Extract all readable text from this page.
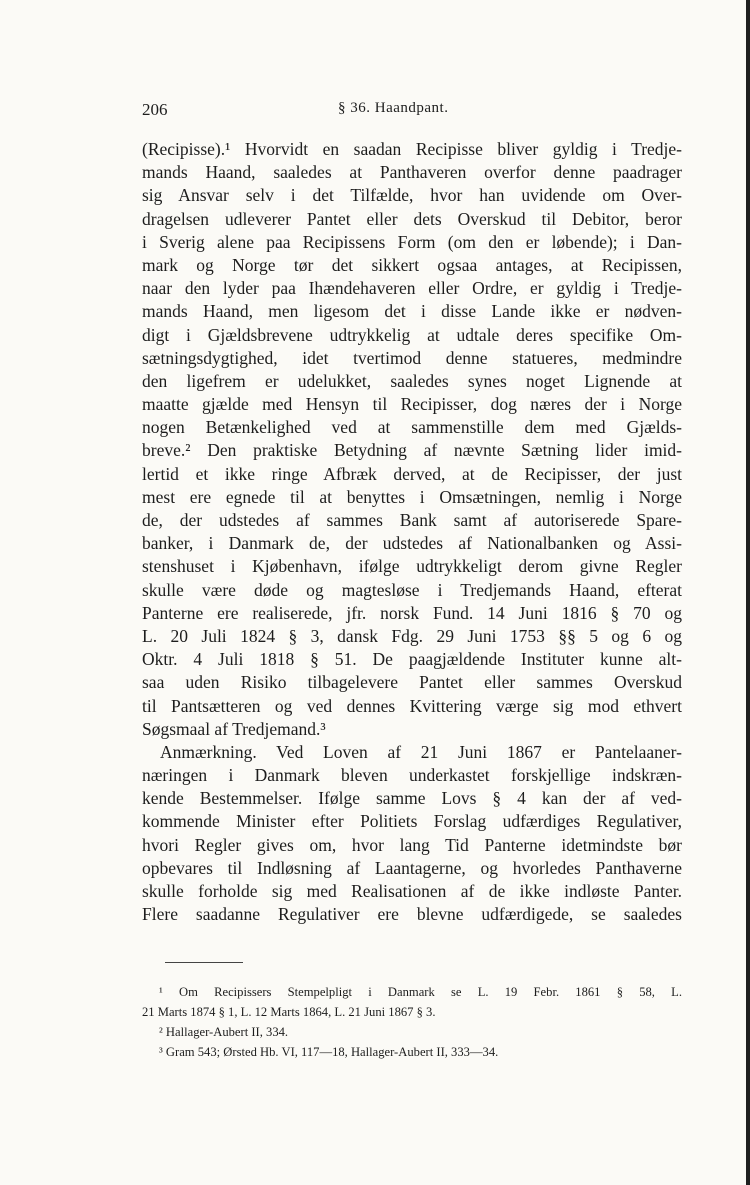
206	§ 36. Haandpant.
(Recipisse).¹ Hvorvidt en saadan Recipisse bliver gyldig i Tredje-
mands Haand, saaledes at Panthaveren overfor denne paadrager
sig Ansvar selv i det Tilfælde, hvor han uvidende om Over-
dragelsen udleverer Pantet eller dets Overskud til Debitor, beror
i Sverig alene paa Recipissens Form (om den er løbende); i Dan-
mark og Norge tør det sikkert ogsaa antages, at Recipissen,
naar den lyder paa Ihændehaveren eller Ordre, er gyldig i Tredje-
mands Haand, men ligesom det i disse Lande ikke er nødven-
digt i Gjældsbrevene udtrykkelig at udtale deres specifike Om-
sætningsdygtighed, idet tvertimod denne statueres, medmindre
den ligefrem er udelukket, saaledes synes noget Lignende at
maatte gjælde med Hensyn til Recipisser, dog næres der i Norge
nogen Betænkelighed ved at sammenstille dem med Gjælds-
breve.² Den praktiske Betydning af nævnte Sætning lider imid-
lertid et ikke ringe Afbræk derved, at de Recipisser, der just
mest ere egnede til at benyttes i Omsætningen, nemlig i Norge
de, der udstedes af sammes Bank samt af autoriserede Spare-
banker, i Danmark de, der udstedes af Nationalbanken og Assi-
stenshuset i Kjøbenhavn, ifølge udtrykkeligt derom givne Regler
skulle være døde og magtesløse i Tredjemands Haand, efterat
Panterne ere realiserede, jfr. norsk Fund. 14 Juni 1816 § 70 og
L. 20 Juli 1824 § 3, dansk Fdg. 29 Juni 1753 §§ 5 og 6 og
Oktr. 4 Juli 1818 § 51. De paagjældende Instituter kunne alt-
saa uden Risiko tilbagelevere Pantet eller sammes Overskud
til Pantsætteren og ved dennes Kvittering værge sig mod ethvert
Søgsmaal af Tredjemand.³
Anmærkning. Ved Loven af 21 Juni 1867 er Pantelaaner-
næringen i Danmark bleven underkastet forskjellige indskræn-
kende Bestemmelser. Ifølge samme Lovs § 4 kan der af ved-
kommende Minister efter Politiets Forslag udfærdiges Regulativer,
hvori Regler gives om, hvor lang Tid Panterne idetmindste bør
opbevares til Indløsning af Laantagerne, og hvorledes Panthaverne
skulle forholde sig med Realisationen af de ikke indløste Panter.
Flere saadanne Regulativer ere blevne udfærdigede, se saaledes
¹ Om Recipissers Stempelpligt i Danmark se L. 19 Febr. 1861 § 58, L.
21 Marts 1874 § 1, L. 12 Marts 1864, L. 21 Juni 1867 § 3.
² Hallager-Aubert II, 334.
³ Gram 543; Ørsted Hb. VI, 117—18, Hallager-Aubert II, 333—34.
